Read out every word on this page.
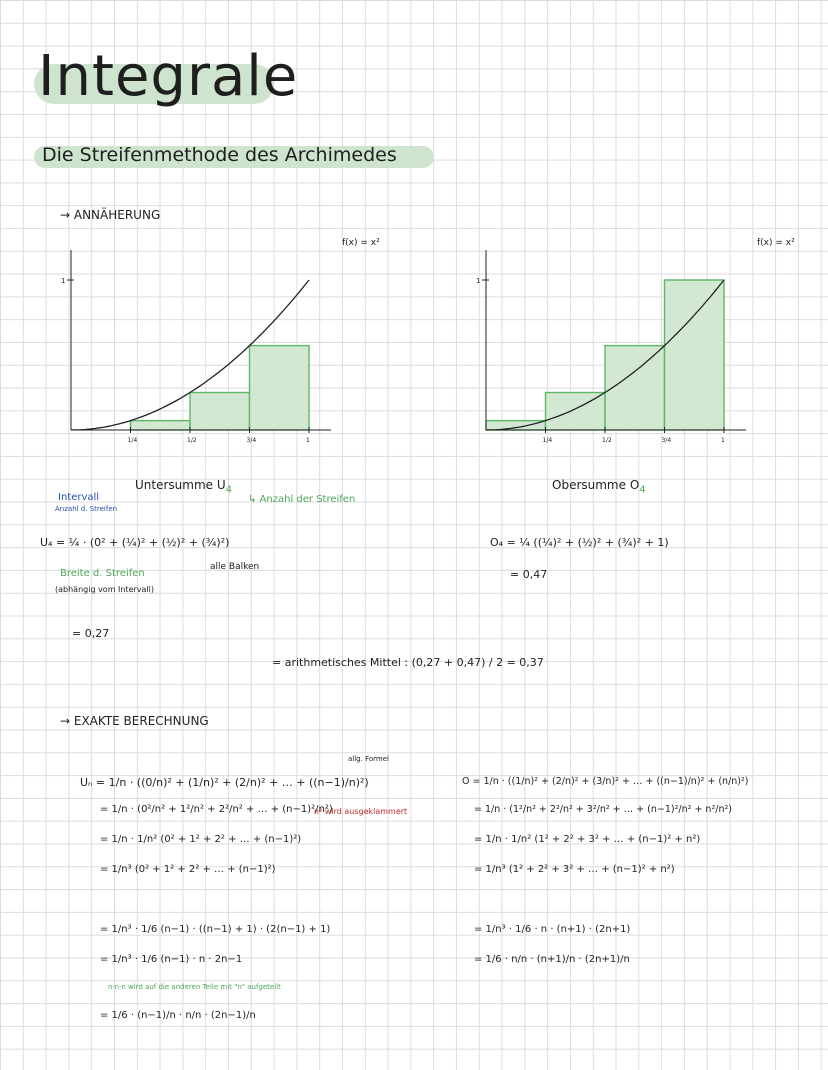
Integrale
Die Streifenmethode des Archimedes
→ ANNÄHERUNG
1
1/4	1/2	3/4	1
1
1/4	1/2	3/4	1
f(x) = x²	f(x) = x²
Untersumme $U_4$
↳ Anzahl der Streifen
Obersumme $O_4$
Intervall
Anzahl d. Streifen
U₄ = ¼ · (0² + (¼)² + (½)² + (¾)²)
alle Balken
Breite d. Streifen
(abhängig vom Intervall)
= 0,27
O₄ = ¼ ((¼)² + (½)² + (¾)² + 1)
= 0,47
= arithmetisches Mittel : (0,27 + 0,47) / 2 = 0,37
→ EXAKTE BERECHNUNG
allg. Formel
Uₙ = 1/n · ((0/n)² + (1/n)² + (2/n)² + … + ((n−1)/n)²)
= 1/n · (0²/n² + 1²/n² + 2²/n² + … + (n−1)²/n²)
n² wird ausgeklammert
= 1/n · 1/n² (0² + 1² + 2² + … + (n−1)²)
= 1/n³ (0² + 1² + 2² + … + (n−1)²)
= 1/n³ · 1/6 (n−1) · ((n−1) + 1) · (2(n−1) + 1)
= 1/n³ · 1/6 (n−1) · n · 2n−1
n·n·n wird auf die anderen Teile mit "n" aufgeteilt
= 1/6 · (n−1)/n · n/n · (2n−1)/n
O = 1/n · ((1/n)² + (2/n)² + (3/n)² + … + ((n−1)/n)² + (n/n)²)
= 1/n · (1²/n² + 2²/n² + 3²/n² + … + (n−1)²/n² + n²/n²)
= 1/n · 1/n² (1² + 2² + 3² + … + (n−1)² + n²)
= 1/n³ (1² + 2² + 3² + … + (n−1)² + n²)
= 1/n³ · 1/6 · n · (n+1) · (2n+1)
= 1/6 · n/n · (n+1)/n · (2n+1)/n
